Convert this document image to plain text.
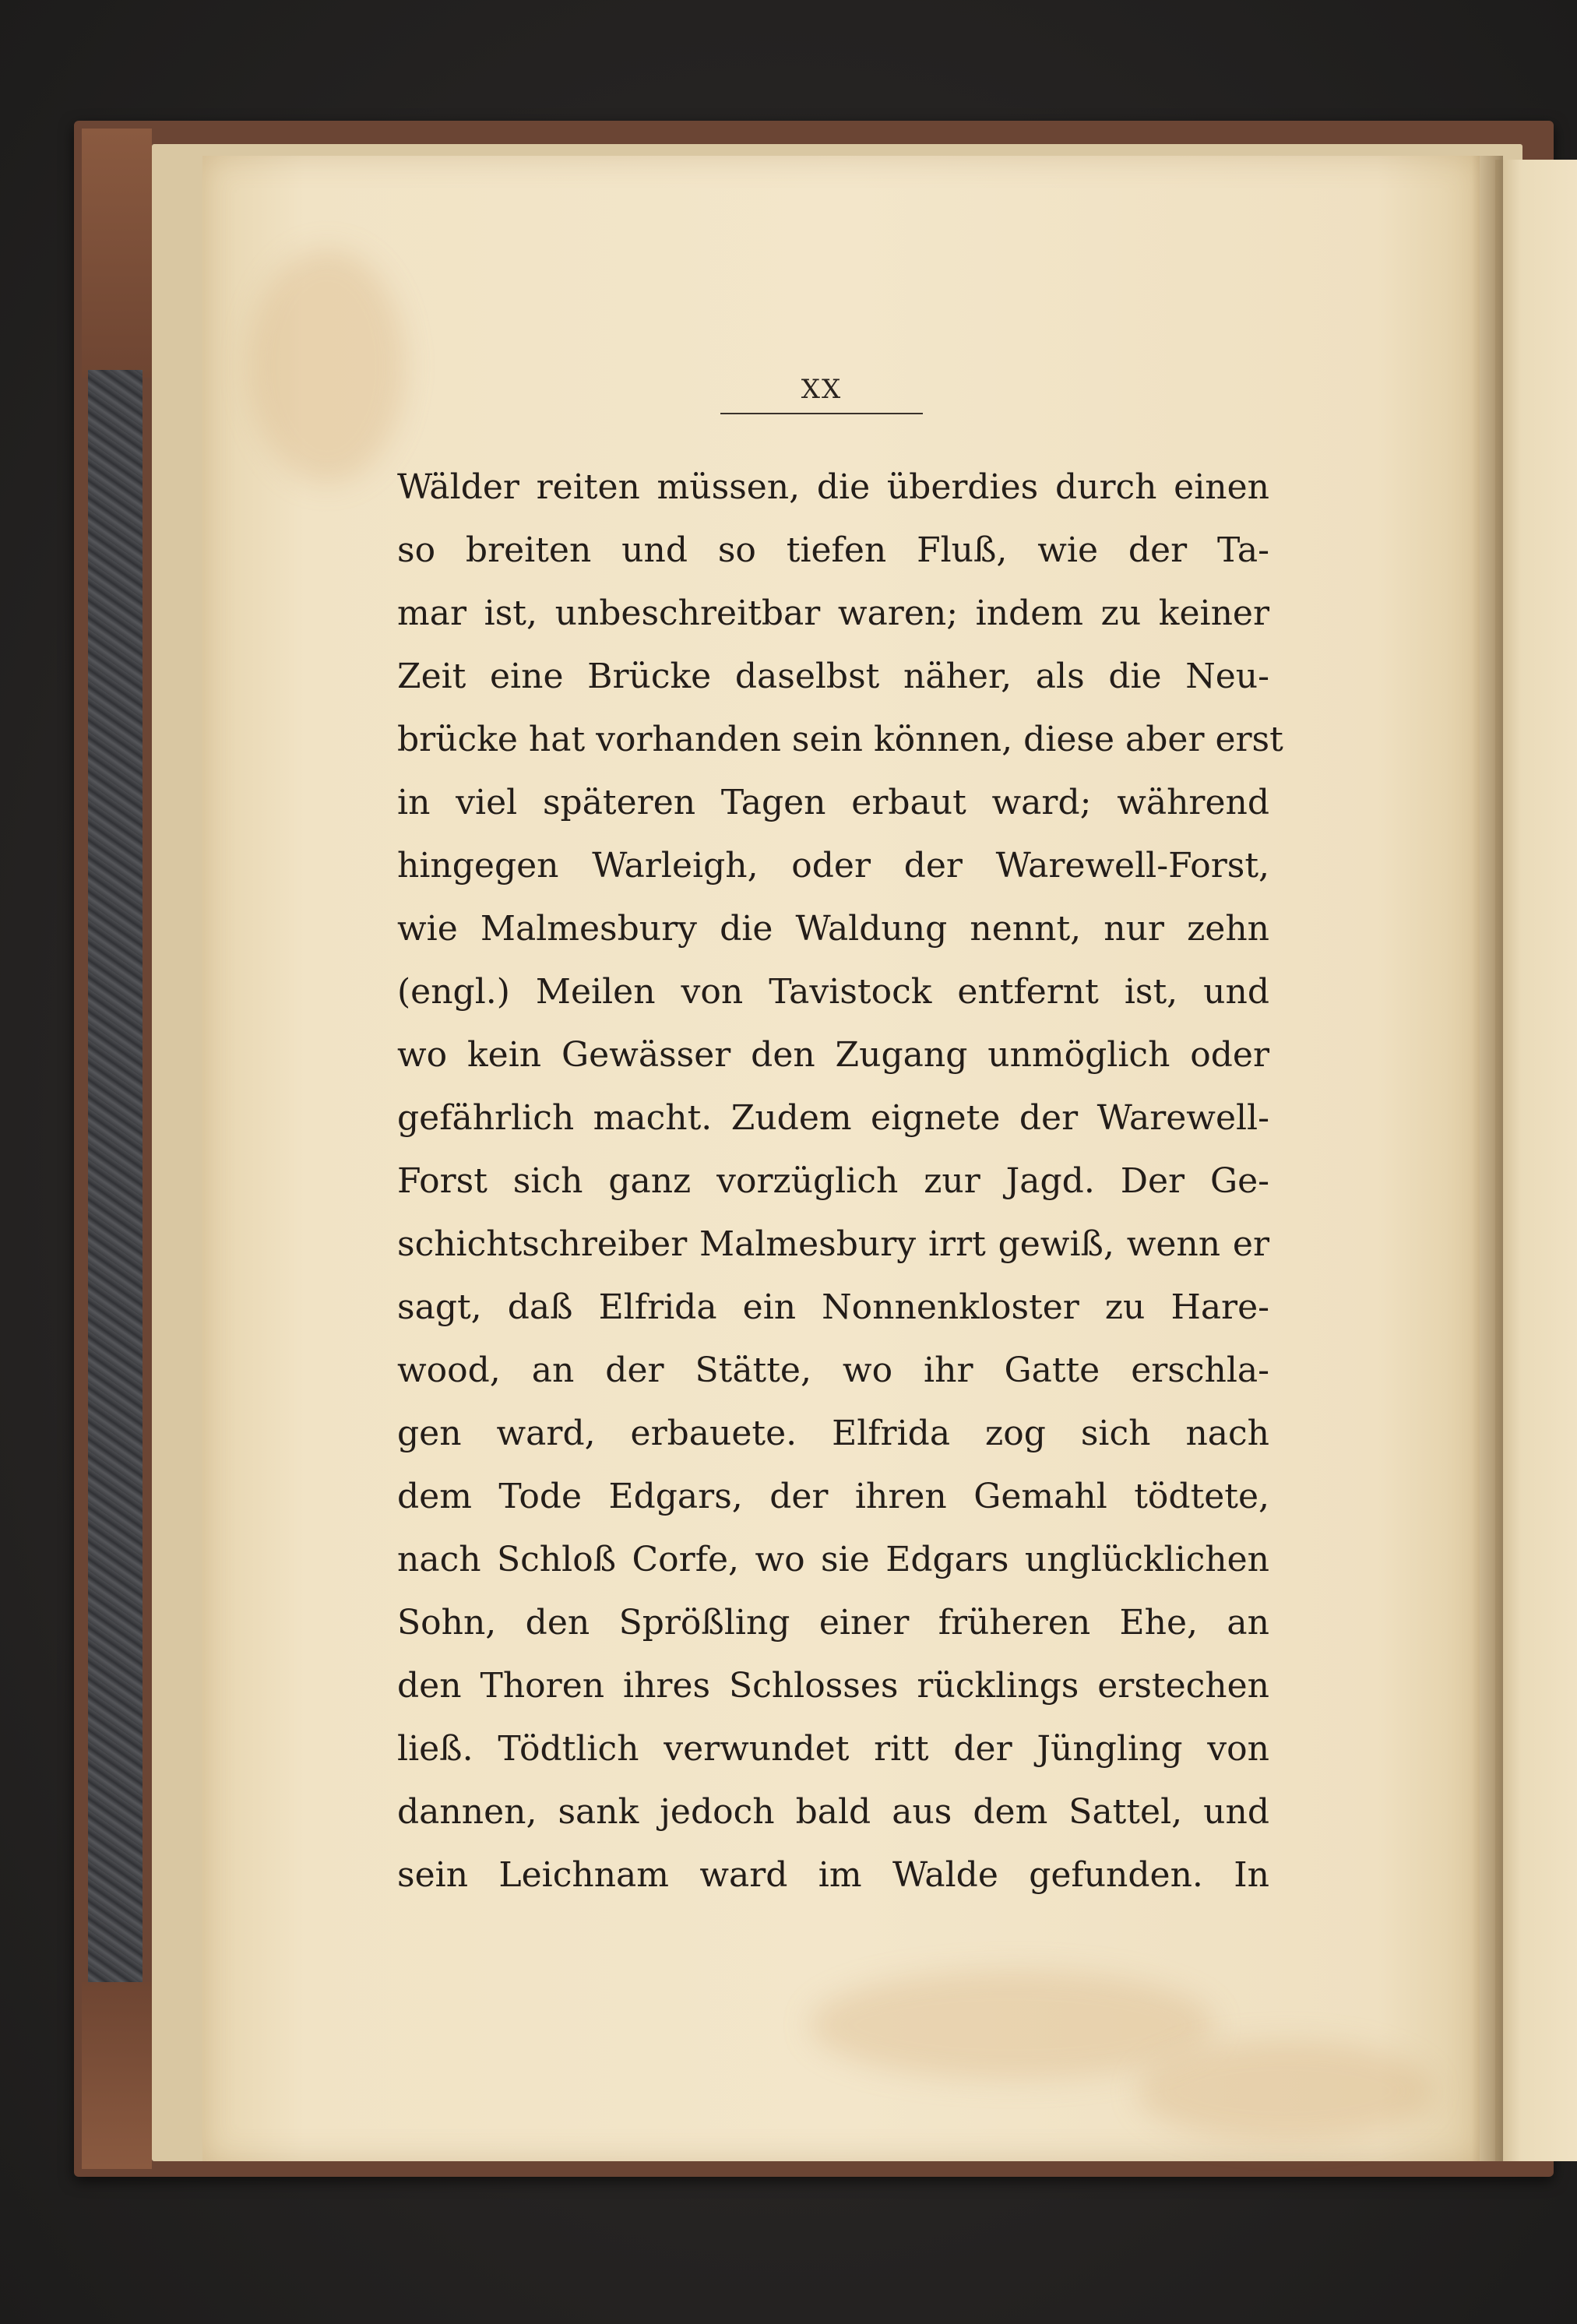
XX
Wälder reiten müssen, die überdies durch einen
so breiten und so tiefen Fluß, wie der Ta-
mar ist, unbeschreitbar waren; indem zu keiner
Zeit eine Brücke daselbst näher, als die Neu-
brücke hat vorhanden sein können, diese aber erst
in viel späteren Tagen erbaut ward; während
hingegen Warleigh, oder der Warewell-Forst,
wie Malmesbury die Waldung nennt, nur zehn
(engl.) Meilen von Tavistock entfernt ist, und
wo kein Gewässer den Zugang unmöglich oder
gefährlich macht. Zudem eignete der Warewell-
Forst sich ganz vorzüglich zur Jagd. Der Ge-
schichtschreiber Malmesbury irrt gewiß, wenn er
sagt, daß Elfrida ein Nonnenkloster zu Hare-
wood, an der Stätte, wo ihr Gatte erschla-
gen ward, erbauete. Elfrida zog sich nach
dem Tode Edgars, der ihren Gemahl tödtete,
nach Schloß Corfe, wo sie Edgars unglücklichen
Sohn, den Sprößling einer früheren Ehe, an
den Thoren ihres Schlosses rücklings erstechen
ließ. Tödtlich verwundet ritt der Jüngling von
dannen, sank jedoch bald aus dem Sattel, und
sein Leichnam ward im Walde gefunden. In
